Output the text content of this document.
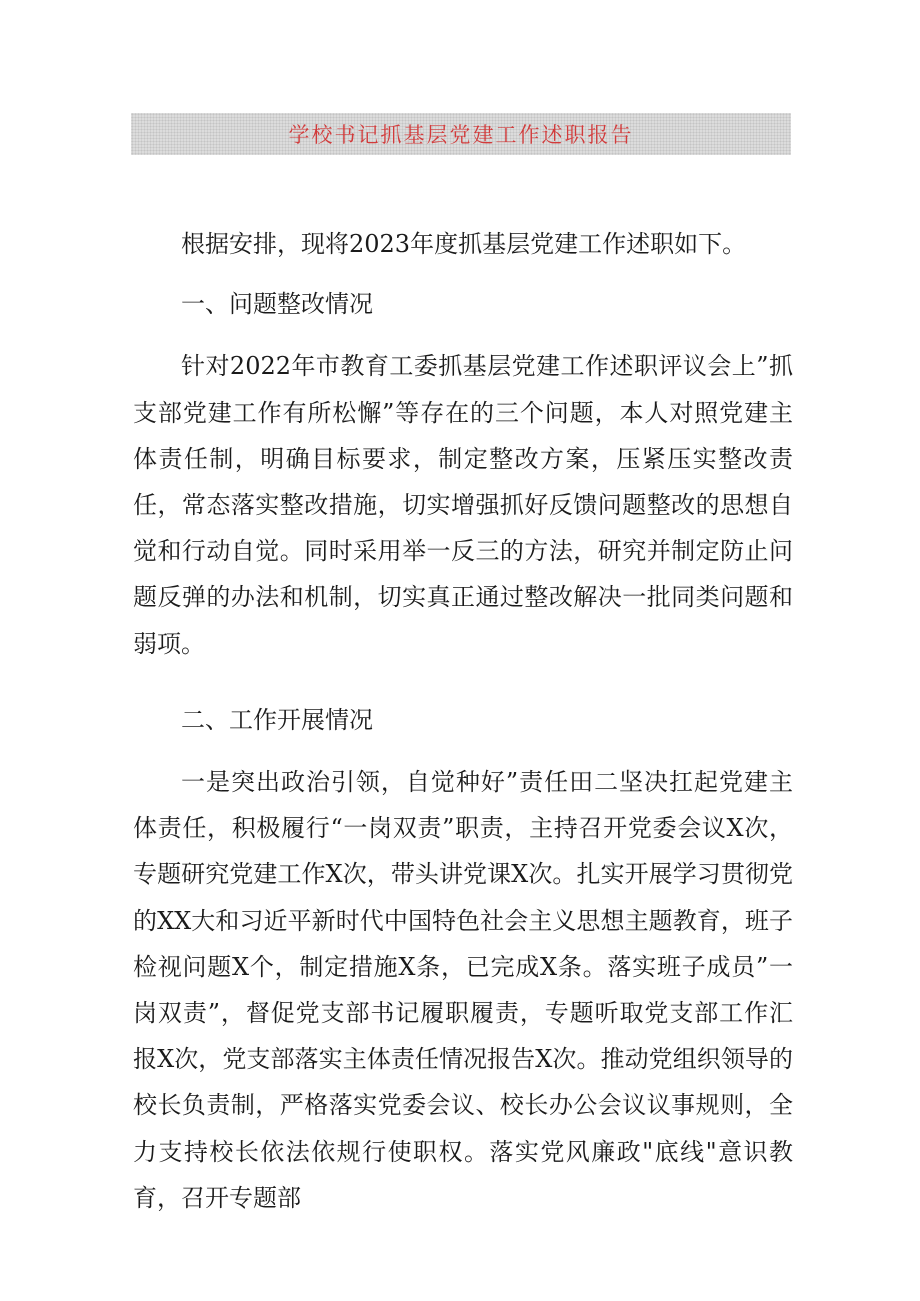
学校书记抓基层党建工作述职报告

根据安排，现将2023年度抓基层党建工作述职如下。

一、问题整改情况

针对2022年市教育工委抓基层党建工作述职评议会上”抓支部党建工作有所松懈”等存在的三个问题，本人对照党建主体责任制，明确目标要求，制定整改方案，压紧压实整改责任，常态落实整改措施，切实增强抓好反馈问题整改的思想自觉和行动自觉。同时采用举一反三的方法，研究并制定防止问题反弹的办法和机制，切实真正通过整改解决一批同类问题和弱项。

二、工作开展情况

一是突出政治引领，自觉种好”责任田二坚决扛起党建主体责任，积极履行“一岗双责”职责，主持召开党委会议X次，专题研究党建工作X次，带头讲党课X次。扎实开展学习贯彻党的XX大和习近平新时代中国特色社会主义思想主题教育，班子检视问题X个，制定措施X条，已完成X条。落实班子成员”一岗双责”，督促党支部书记履职履责，专题听取党支部工作汇报X次，党支部落实主体责任情况报告X次。推动党组织领导的校长负责制，严格落实党委会议、校长办公会议议事规则，全力支持校长依法依规行使职权。落实党风廉政"底线"意识教育，召开专题部
